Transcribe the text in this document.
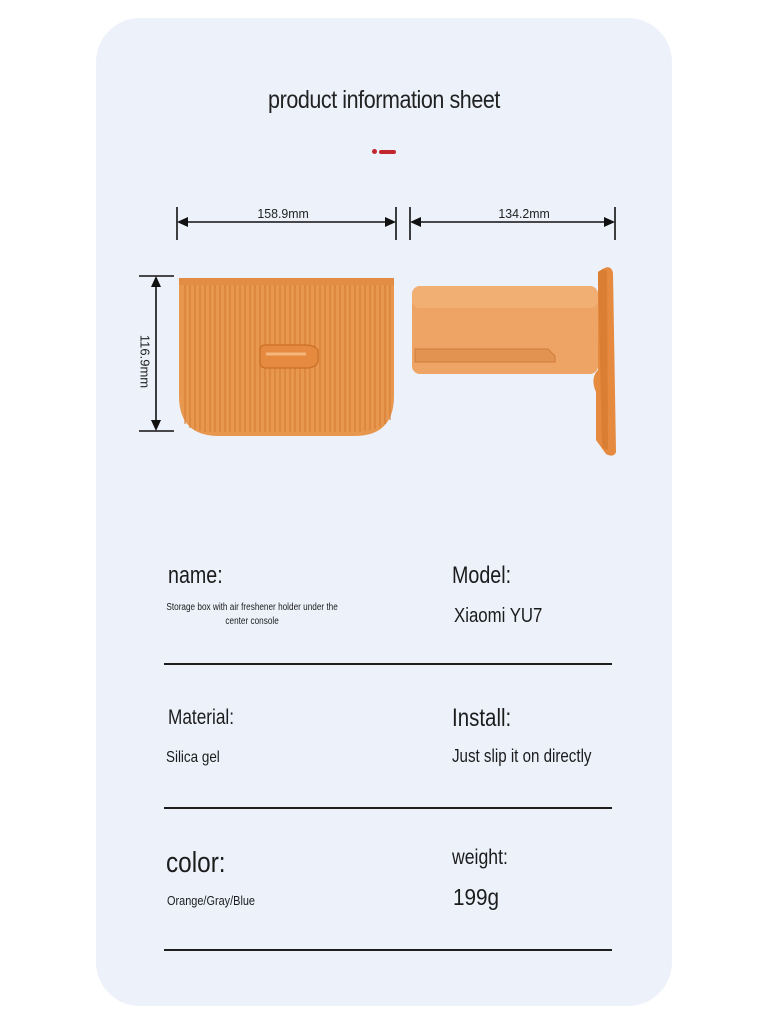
product information sheet
158.9mm	134.2mm
116.9mm
name:
Storage box with air freshener holder under the center console
Model:
Xiaomi YU7
Material:
Silica gel
Install:
Just slip it on directly
color:
Orange/Gray/Blue
weight:
199g
